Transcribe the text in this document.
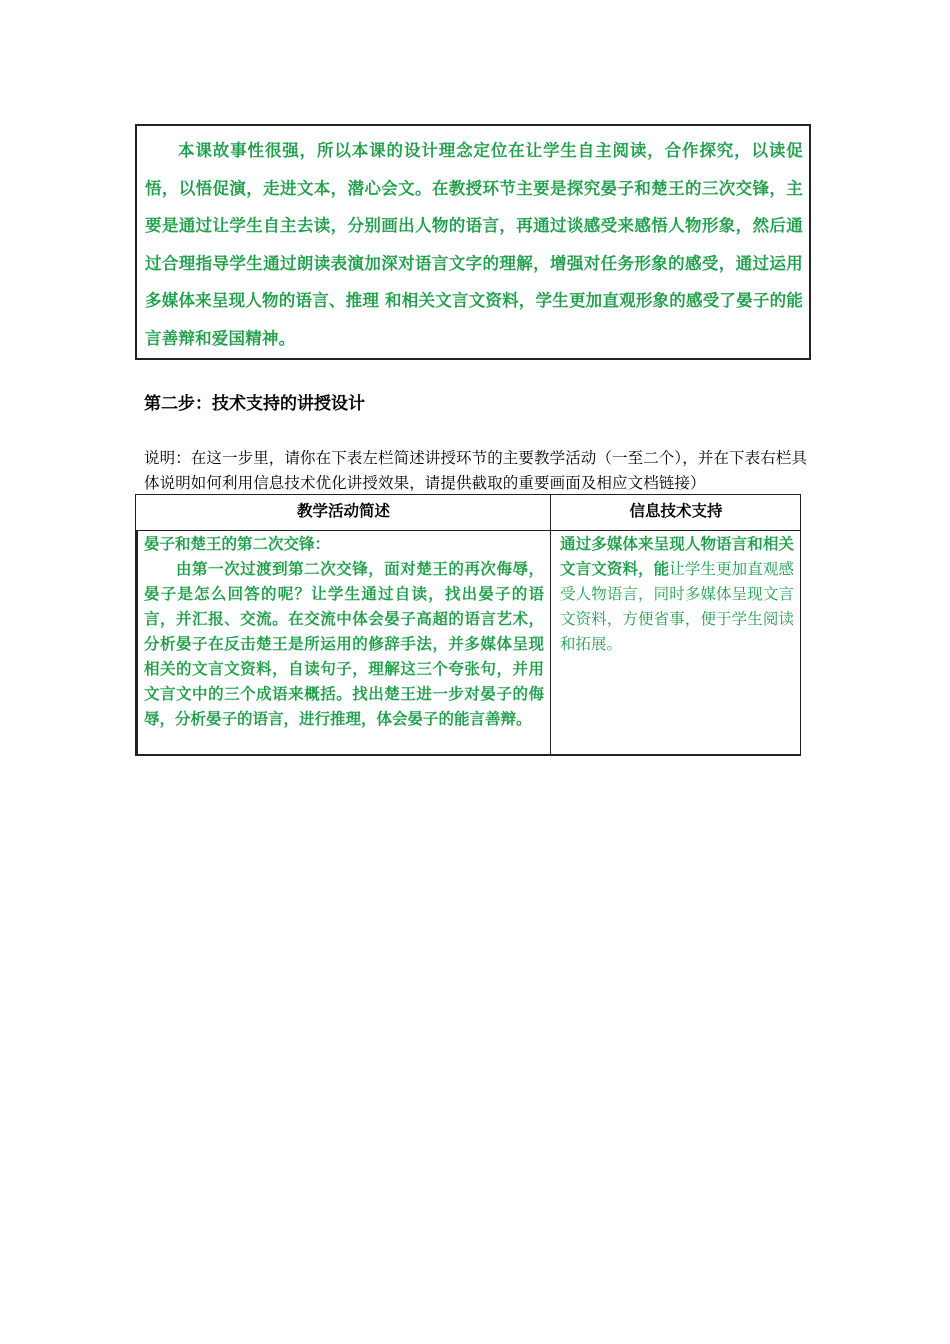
本课故事性很强，所以本课的设计理念定位在让学生自主阅读，合作探究，以读促悟，以悟促演，走进文本，潜心会文。在教授环节主要是探究晏子和楚王的三次交锋，主要是通过让学生自主去读，分别画出人物的语言，再通过谈感受来感悟人物形象，然后通过合理指导学生通过朗读表演加深对语言文字的理解，增强对任务形象的感受，通过运用多媒体来呈现人物的语言、推理 和相关文言文资料，学生更加直观形象的感受了晏子的能言善辩和爱国精神。

第二步：技术支持的讲授设计

说明：在这一步里，请你在下表左栏简述讲授环节的主要教学活动（一至二个），并在下表右栏具体说明如何利用信息技术优化讲授效果，请提供截取的重要画面及相应文档链接）

教学活动简述	信息技术支持

晏子和楚王的第二次交锋：

由第一次过渡到第二次交锋，面对楚王的再次侮辱，晏子是怎么回答的呢？让学生通过自读，找出晏子的语言，并汇报、交流。在交流中体会晏子高超的语言艺术，分析晏子在反击楚王是所运用的修辞手法，并多媒体呈现相关的文言文资料，自读句子，理解这三个夸张句，并用文言文中的三个成语来概括。找出楚王进一步对晏子的侮辱，分析晏子的语言，进行推理，体会晏子的能言善辩。

通过多媒体来呈现人物语言和相关文言文资料，能让学生更加直观感受人物语言，同时多媒体呈现文言文资料，方便省事，便于学生阅读和拓展。
